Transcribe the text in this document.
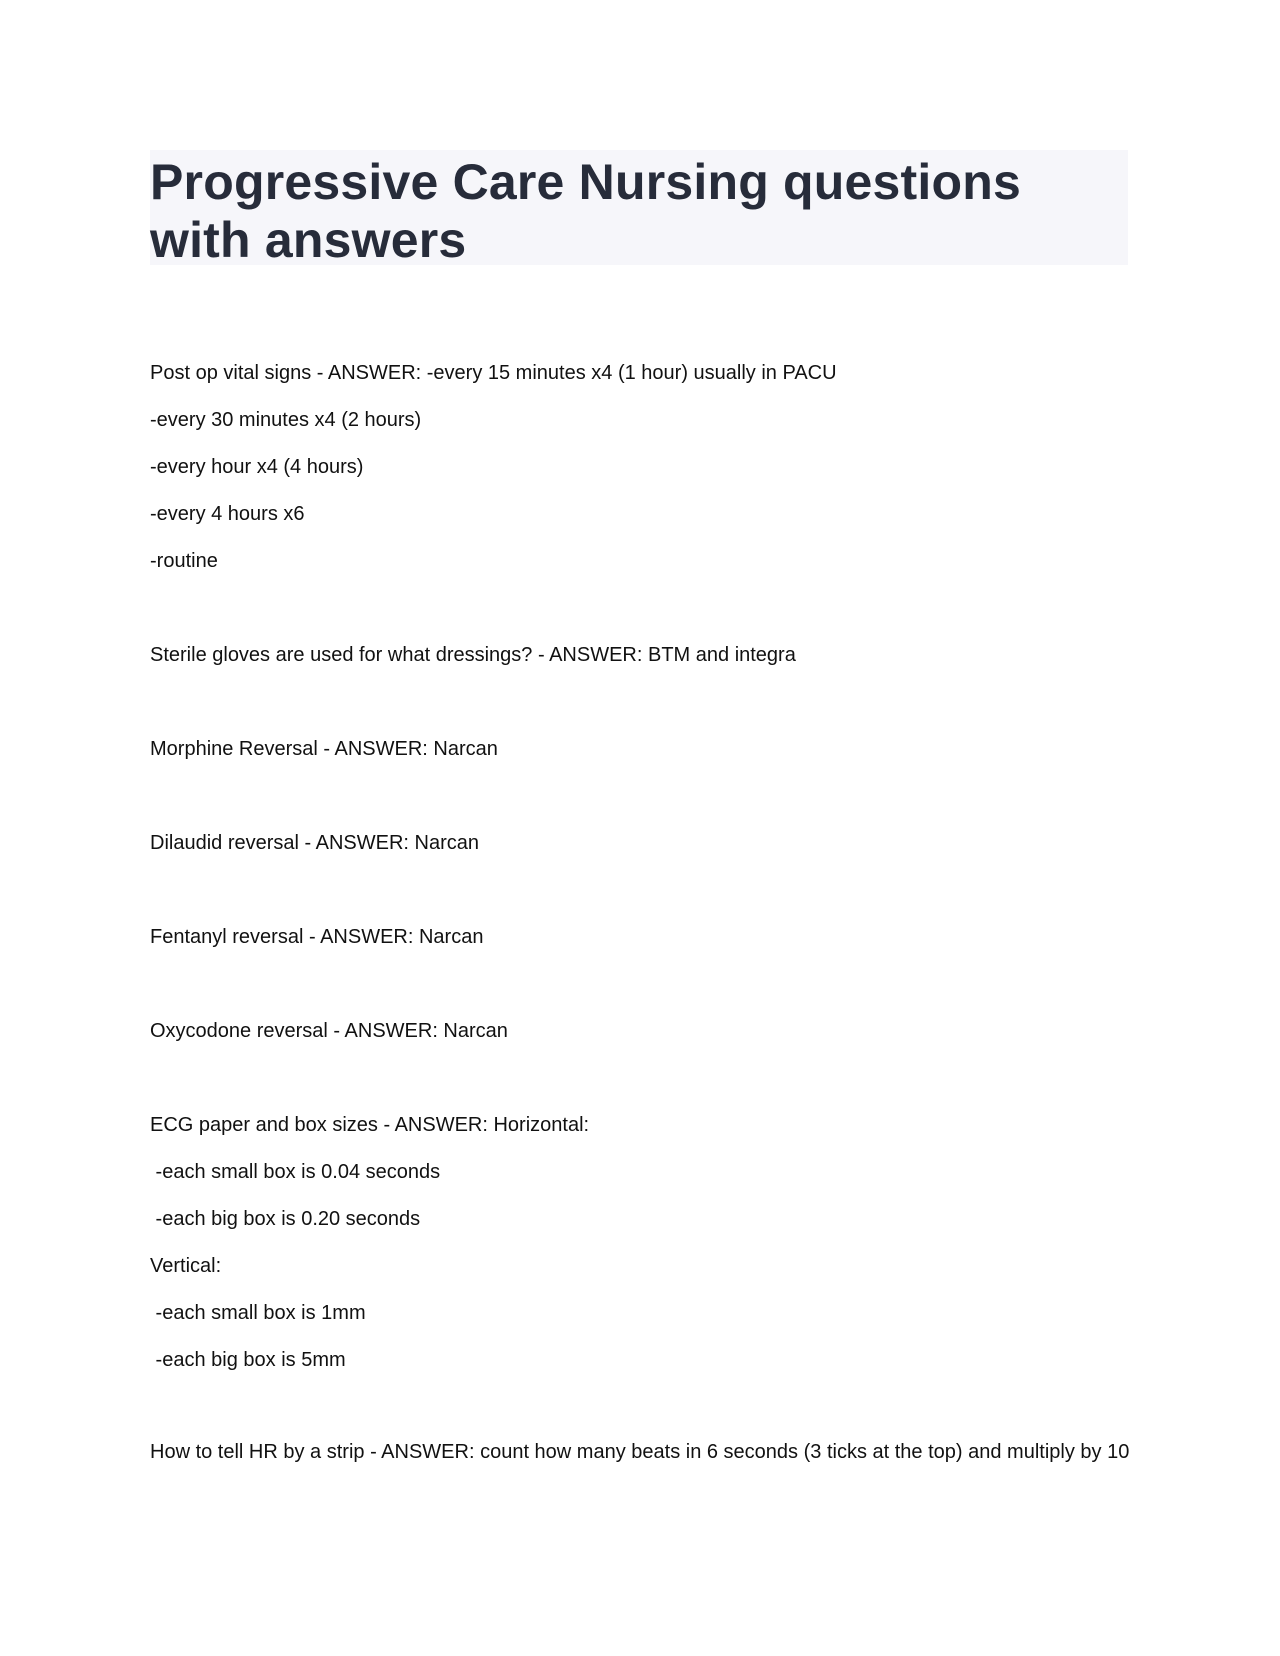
Progressive Care Nursing questions with answers
Post op vital signs - ANSWER: -every 15 minutes x4 (1 hour) usually in PACU
-every 30 minutes x4 (2 hours)
-every hour x4 (4 hours)
-every 4 hours x6
-routine
Sterile gloves are used for what dressings? - ANSWER: BTM and integra
Morphine Reversal - ANSWER: Narcan
Dilaudid reversal - ANSWER: Narcan
Fentanyl reversal - ANSWER: Narcan
Oxycodone reversal - ANSWER: Narcan
ECG paper and box sizes - ANSWER: Horizontal:
-each small box is 0.04 seconds
-each big box is 0.20 seconds
Vertical:
-each small box is 1mm
-each big box is 5mm
How to tell HR by a strip - ANSWER: count how many beats in 6 seconds (3 ticks at the top) and multiply by 10
